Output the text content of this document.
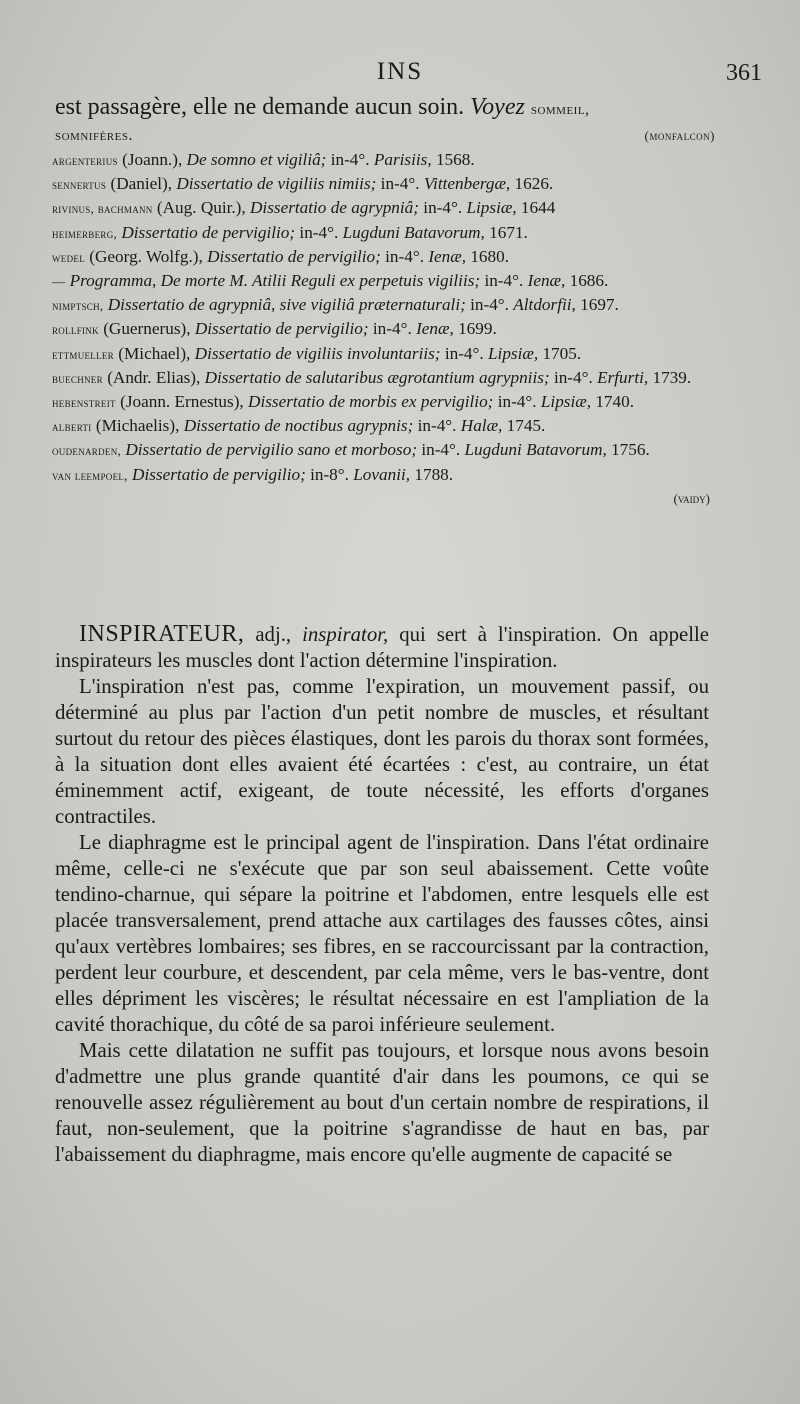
INS	361
est passagère, elle ne demande aucun soin. Voyez sommeil,
somnifères.	(monfalcon)
argenterius (Joann.), De somno et vigiliâ; in-4°. Parisiis, 1568.
sennertus (Daniel), Dissertatio de vigiliis nimiis; in-4°. Vittenbergæ, 1626.
rivinus, bachmann (Aug. Quir.), Dissertatio de agrypniâ; in-4°. Lipsiæ, 1644
heimerberg, Dissertatio de pervigilio; in-4°. Lugduni Batavorum, 1671.
wedel (Georg. Wolfg.), Dissertatio de pervigilio; in-4°. Ienæ, 1680.
— Programma, De morte M. Atilii Reguli ex perpetuis vigiliis; in-4°. Ienæ, 1686.
nimptsch, Dissertatio de agrypniâ, sive vigiliâ præternaturali; in-4°. Altdorfii, 1697.
rollfink (Guernerus), Dissertatio de pervigilio; in-4°. Ienæ, 1699.
ettmueller (Michael), Dissertatio de vigiliis involuntariis; in-4°. Lipsiæ, 1705.
buechner (Andr. Elias), Dissertatio de salutaribus ægrotantium agrypniis; in-4°. Erfurti, 1739.
hebenstreit (Joann. Ernestus), Dissertatio de morbis ex pervigilio; in-4°. Lipsiæ, 1740.
alberti (Michaelis), Dissertatio de noctibus agrypnis; in-4°. Halæ, 1745.
oudenarden, Dissertatio de pervigilio sano et morboso; in-4°. Lugduni Batavorum, 1756.
van leempoel, Dissertatio de pervigilio; in-8°. Lovanii, 1788.
(vaidy)

INSPIRATEUR, adj., inspirator, qui sert à l'inspiration. On appelle inspirateurs les muscles dont l'action détermine l'inspiration.

L'inspiration n'est pas, comme l'expiration, un mouvement passif, ou déterminé au plus par l'action d'un petit nombre de muscles, et résultant surtout du retour des pièces élastiques, dont les parois du thorax sont formées, à la situation dont elles avaient été écartées : c'est, au contraire, un état éminemment actif, exigeant, de toute nécessité, les efforts d'organes contractiles.

Le diaphragme est le principal agent de l'inspiration. Dans l'état ordinaire même, celle-ci ne s'exécute que par son seul abaissement. Cette voûte tendino-charnue, qui sépare la poitrine et l'abdomen, entre lesquels elle est placée transversalement, prend attache aux cartilages des fausses côtes, ainsi qu'aux vertèbres lombaires; ses fibres, en se raccourcissant par la contraction, perdent leur courbure, et descendent, par cela même, vers le bas-ventre, dont elles dépriment les viscères; le résultat nécessaire en est l'ampliation de la cavité thorachique, du côté de sa paroi inférieure seulement.

Mais cette dilatation ne suffit pas toujours, et lorsque nous avons besoin d'admettre une plus grande quantité d'air dans les poumons, ce qui se renouvelle assez régulièrement au bout d'un certain nombre de respirations, il faut, non-seulement, que la poitrine s'agrandisse de haut en bas, par l'abaissement du diaphragme, mais encore qu'elle augmente de capacité se
